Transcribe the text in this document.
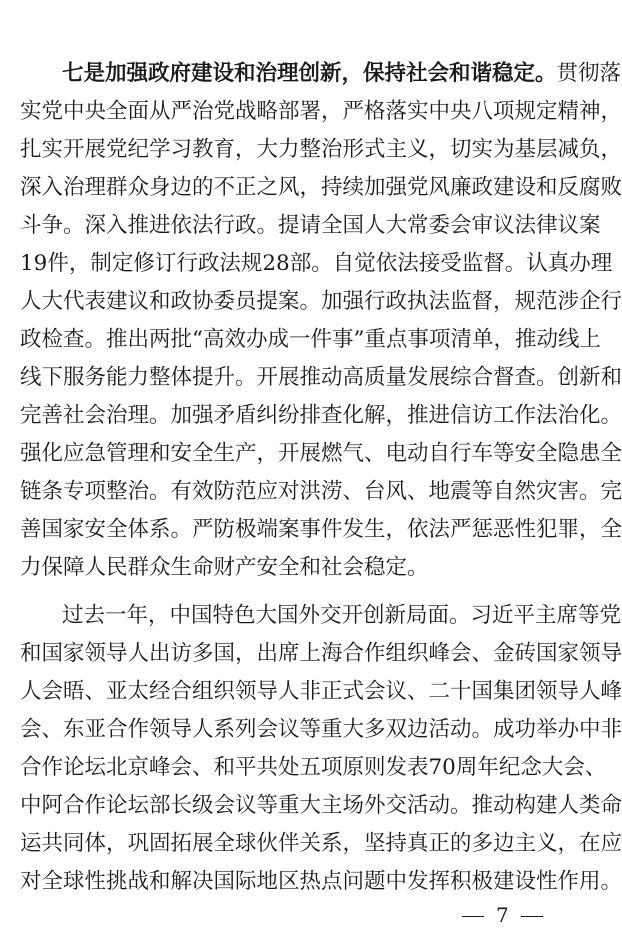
七是加强政府建设和治理创新，保持社会和谐稳定。贯彻落
实党中央全面从严治党战略部署，严格落实中央八项规定精神，
扎实开展党纪学习教育，大力整治形式主义，切实为基层减负，
深入治理群众身边的不正之风，持续加强党风廉政建设和反腐败
斗争。深入推进依法行政。提请全国人大常委会审议法律议案
19件，制定修订行政法规28部。自觉依法接受监督。认真办理
人大代表建议和政协委员提案。加强行政执法监督，规范涉企行
政检查。推出两批“高效办成一件事”重点事项清单，推动线上
线下服务能力整体提升。开展推动高质量发展综合督查。创新和
完善社会治理。加强矛盾纠纷排查化解，推进信访工作法治化。
强化应急管理和安全生产，开展燃气、电动自行车等安全隐患全
链条专项整治。有效防范应对洪涝、台风、地震等自然灾害。完
善国家安全体系。严防极端案事件发生，依法严惩恶性犯罪，全
力保障人民群众生命财产安全和社会稳定。
过去一年，中国特色大国外交开创新局面。习近平主席等党
和国家领导人出访多国，出席上海合作组织峰会、金砖国家领导
人会晤、亚太经合组织领导人非正式会议、二十国集团领导人峰
会、东亚合作领导人系列会议等重大多双边活动。成功举办中非
合作论坛北京峰会、和平共处五项原则发表70周年纪念大会、
中阿合作论坛部长级会议等重大主场外交活动。推动构建人类命
运共同体，巩固拓展全球伙伴关系，坚持真正的多边主义，在应
对全球性挑战和解决国际地区热点问题中发挥积极建设性作用。
7
